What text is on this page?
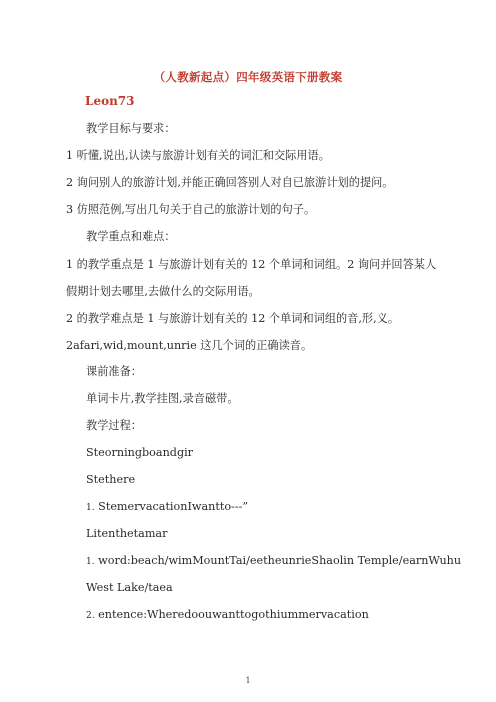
（人教新起点）四年级英语下册教案
Leon73
教学目标与要求：
1 听懂,说出,认读与旅游计划有关的词汇和交际用语。
2 询问别人的旅游计划,并能正确回答别人对自已旅游计划的提问。
3 仿照范例,写出几句关于自己的旅游计划的句子。
教学重点和难点：
1 的教学重点是 1 与旅游计划有关的 12 个单词和词组。2 询问并回答某人假期计划去哪里,去做什么的交际用语。
2 的教学难点是 1 与旅游计划有关的 12 个单词和词组的音,形,义。2afari,wid,mount,unrie 这几个词的正确读音。
课前准备：
单词卡片,教学挂图,录音磁带。
教学过程：
Steorningboandgir
Stethere
1. StemervacationIwantto---”
Litenthetamar
1. word:beach/wimMountTai/eetheunrieShaolin Temple/earnWuhu
West Lake/taea
2. entence:Wheredoouwanttogothiummervacation
1
